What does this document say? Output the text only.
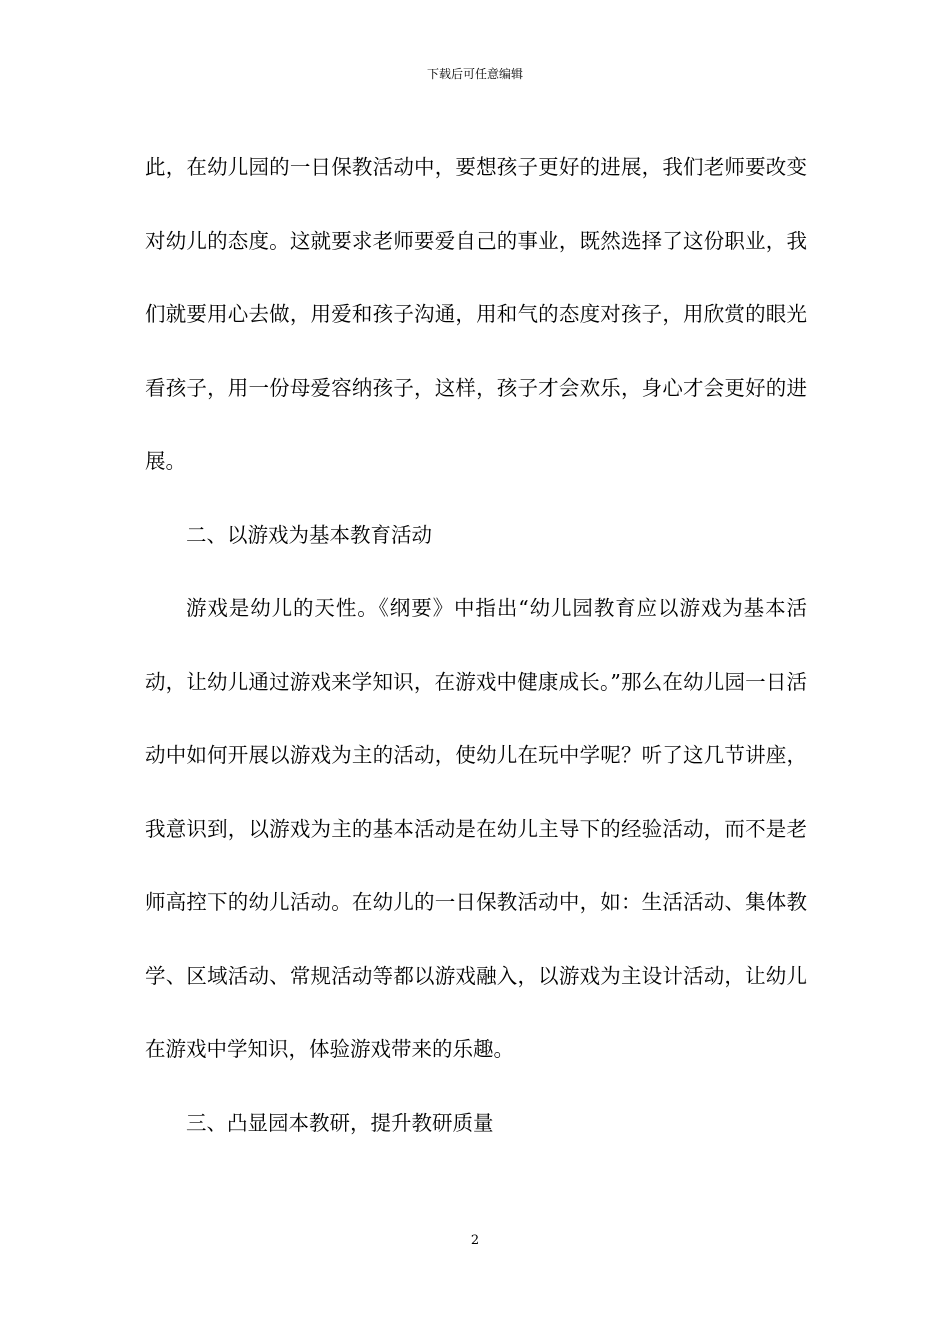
下载后可任意编辑

此，在幼儿园的一日保教活动中，要想孩子更好的进展，我们老师要改变对幼儿的态度。这就要求老师要爱自己的事业，既然选择了这份职业，我们就要用心去做，用爱和孩子沟通，用和气的态度对孩子，用欣赏的眼光看孩子，用一份母爱容纳孩子，这样，孩子才会欢乐，身心才会更好的进展。

二、以游戏为基本教育活动

游戏是幼儿的天性。《纲要》中指出“幼儿园教育应以游戏为基本活动，让幼儿通过游戏来学知识，在游戏中健康成长。”那么在幼儿园一日活动中如何开展以游戏为主的活动，使幼儿在玩中学呢？听了这几节讲座，我意识到，以游戏为主的基本活动是在幼儿主导下的经验活动，而不是老师高控下的幼儿活动。在幼儿的一日保教活动中，如：生活活动、集体教学、区域活动、常规活动等都以游戏融入，以游戏为主设计活动，让幼儿在游戏中学知识，体验游戏带来的乐趣。

三、凸显园本教研，提升教研质量

2
